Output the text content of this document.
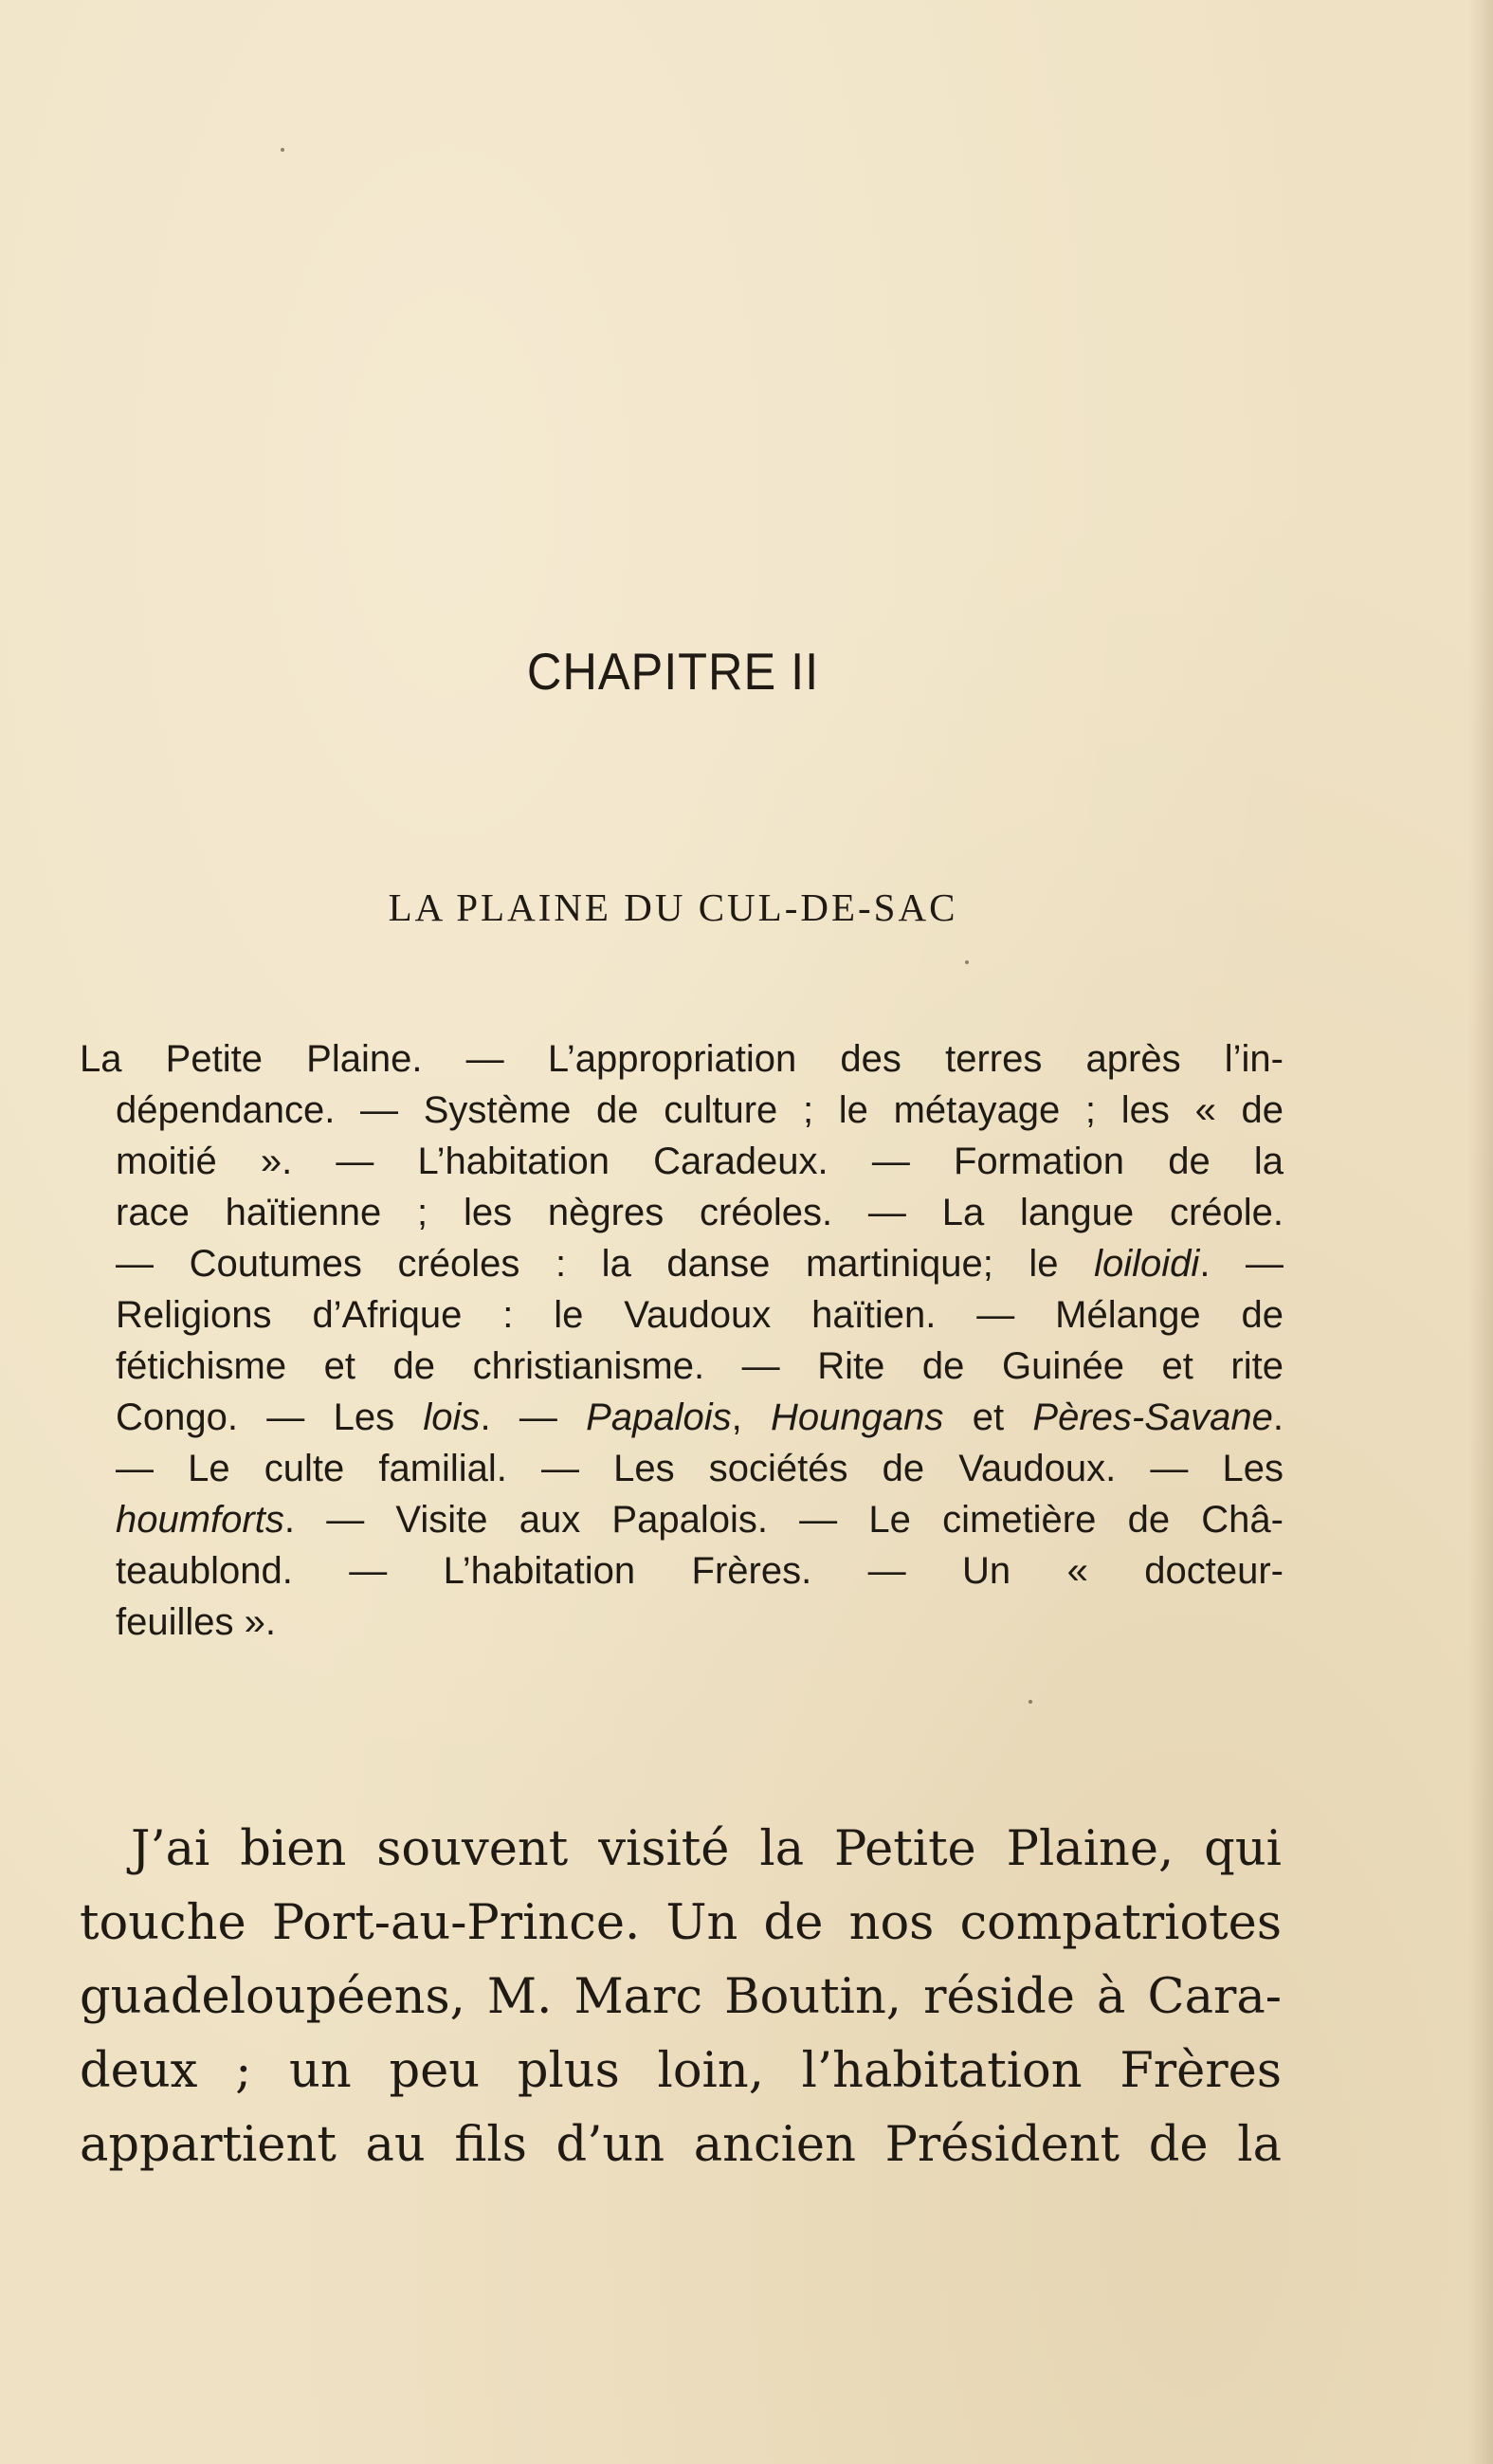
CHAPITRE II
LA PLAINE DU CUL-DE-SAC
La Petite Plaine. — L’appropriation des terres après l’in-
dépendance. — Système de culture ; le métayage ; les « de
moitié ». — L’habitation Caradeux. — Formation de la
race haïtienne ; les nègres créoles. — La langue créole.
— Coutumes créoles : la danse martinique; le loiloidi. —
Religions d’Afrique : le Vaudoux haïtien. — Mélange de
fétichisme et de christianisme. — Rite de Guinée et rite
Congo. — Les lois. — Papalois, Houngans et Pères-Savane.
— Le culte familial. — Les sociétés de Vaudoux. — Les
houmforts. — Visite aux Papalois. — Le cimetière de Châ-
teaublond. — L’habitation Frères. — Un « docteur-
feuilles ».
J’ai bien souvent visité la Petite Plaine, qui
touche Port-au-Prince. Un de nos compatriotes
guadeloupéens, M. Marc Boutin, réside à Cara-
deux ; un peu plus loin, l’habitation Frères
appartient au fils d’un ancien Président de la
